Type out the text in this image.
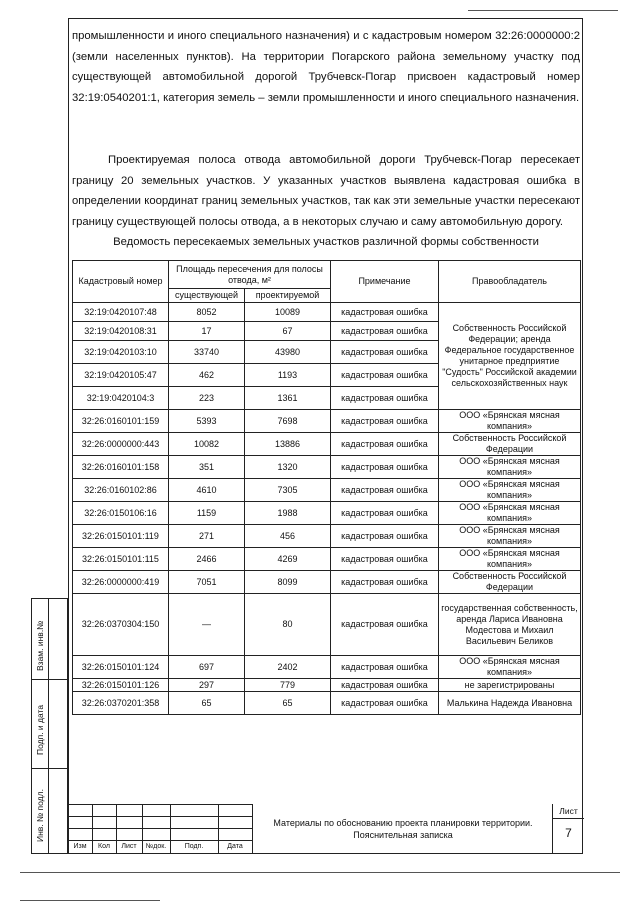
промышленности и иного специального назначения) и с кадастровым номером 32:26:0000000:2 (земли населенных пунктов). На территории Погарского района земельному участку под существующей автомобильной дорогой Трубчевск-Погар присвоен кадастровый номер 32:19:0540201:1, категория земель – земли промышленности и иного специального назначения.

Проектируемая полоса отвода автомобильной дороги Трубчевск-Погар пересекает границу 20 земельных участков. У указанных участков выявлена кадастровая ошибка в определении координат границ земельных участков, так как эти земельные участки пересекают границу существующей полосы отвода, а в некоторых случаю и саму автомобильную дорогу.

Ведомость пересекаемых земельных участков различной формы собственности

Кадастровый номер	Площадь пересечения для полосы отвода, м²		Примечание	Правообладатель
	существующей	проектируемой		
32:19:0420107:48	8052	10089	кадастровая ошибка	Собственность Российской Федерации; аренда Федеральное государственное унитарное предприятие "Судость" Российской академии сельскохозяйственных наук
32:19:0420108:31	17	67	кадастровая ошибка	
32:19:0420103:10	33740	43980	кадастровая ошибка	
32:19:0420105:47	462	1193	кадастровая ошибка	
32:19:0420104:3	223	1361	кадастровая ошибка	
32:26:0160101:159	5393	7698	кадастровая ошибка	ООО «Брянская мясная компания»
32:26:0000000:443	10082	13886	кадастровая ошибка	Собственность Российской Федерации
32:26:0160101:158	351	1320	кадастровая ошибка	ООО «Брянская мясная компания»
32:26:0160102:86	4610	7305	кадастровая ошибка	ООО «Брянская мясная компания»
32:26:0150106:16	1159	1988	кадастровая ошибка	ООО «Брянская мясная компания»
32:26:0150101:119	271	456	кадастровая ошибка	ООО «Брянская мясная компания»
32:26:0150101:115	2466	4269	кадастровая ошибка	ООО «Брянская мясная компания»
32:26:0000000:419	7051	8099	кадастровая ошибка	Собственность Российской Федерации
32:26:0370304:150	—	80	кадастровая ошибка	государственная собственность, аренда Лариса Ивановна Модестова и Михаил Васильевич Беликов
32:26:0150101:124	697	2402	кадастровая ошибка	ООО «Брянская мясная компания»
32:26:0150101:126	297	779	кадастровая ошибка	не зарегистрированы
32:26:0370201:358	65	65	кадастровая ошибка	Малькина Надежда Ивановна
Взам. инв.№
Подп. и дата
Инв. № подл.
Изм	Кол	Лист	№док.	Подп.	Дата
Материалы по обоснованию проекта планировки территории.
Пояснительная записка
Лист
7
